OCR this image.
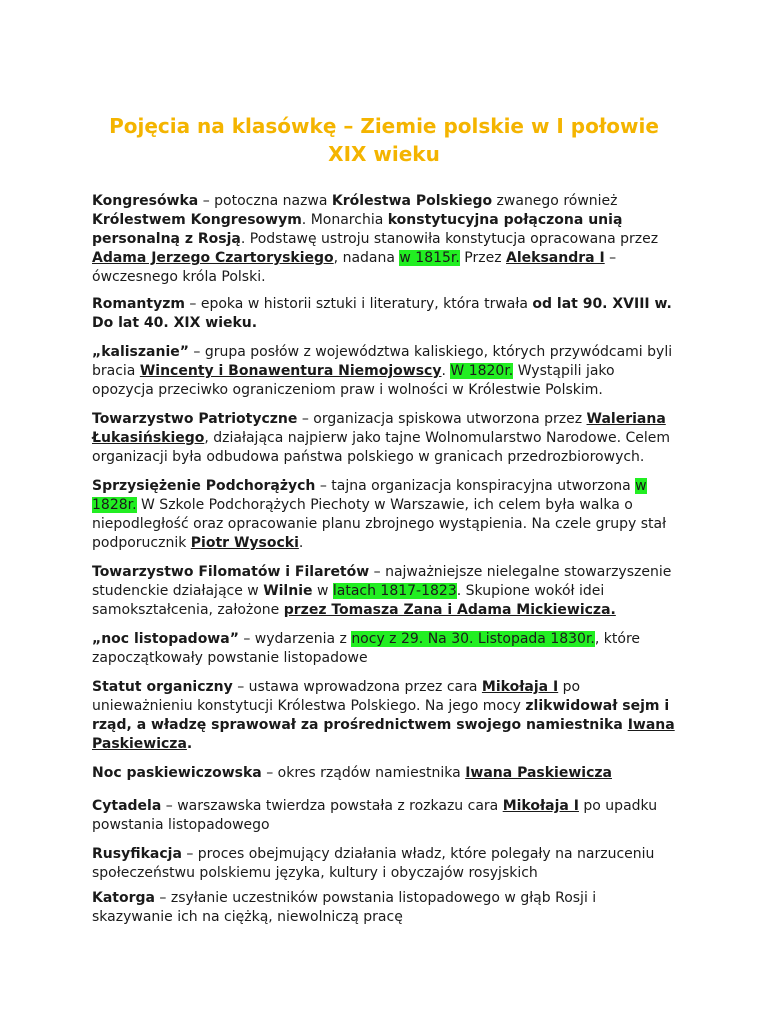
Pojęcia na klasówkę – Ziemie polskie w I połowie XIX wieku

Kongresówka – potoczna nazwa Królestwa Polskiego zwanego również Królestwem Kongresowym. Monarchia konstytucyjna połączona unią personalną z Rosją. Podstawę ustroju stanowiła konstytucja opracowana przez Adama Jerzego Czartoryskiego, nadana w 1815r. Przez Aleksandra I – ówczesnego króla Polski.

Romantyzm – epoka w historii sztuki i literatury, która trwała od lat 90. XVIII w. Do lat 40. XIX wieku.

„kaliszanie” – grupa posłów z województwa kaliskiego, których przywódcami byli bracia Wincenty i Bonawentura Niemojowscy. W 1820r. Wystąpili jako opozycja przeciwko ograniczeniom praw i wolności w Królestwie Polskim.

Towarzystwo Patriotyczne – organizacja spiskowa utworzona przez Waleriana Łukasińskiego, działająca najpierw jako tajne Wolnomularstwo Narodowe. Celem organizacji była odbudowa państwa polskiego w granicach przedrozbiorowych.

Sprzysiężenie Podchorążych – tajna organizacja konspiracyjna utworzona w 1828r. W Szkole Podchorążych Piechoty w Warszawie, ich celem była walka o niepodległość oraz opracowanie planu zbrojnego wystąpienia. Na czele grupy stał podporucznik Piotr Wysocki.

Towarzystwo Filomatów i Filaretów – najważniejsze nielegalne stowarzyszenie studenckie działające w Wilnie w latach 1817-1823. Skupione wokół idei samokształcenia, założone przez Tomasza Zana i Adama Mickiewicza.

„noc listopadowa” – wydarzenia z nocy z 29. Na 30. Listopada 1830r., które zapoczątkowały powstanie listopadowe

Statut organiczny – ustawa wprowadzona przez cara Mikołaja I po unieważnieniu konstytucji Królestwa Polskiego. Na jego mocy zlikwidował sejm i rząd, a władzę sprawował za prośrednictwem swojego namiestnika Iwana Paskiewicza.

Noc paskiewiczowska – okres rządów namiestnika Iwana Paskiewicza

Cytadela – warszawska twierdza powstała z rozkazu cara Mikołaja I po upadku powstania listopadowego

Rusyfikacja – proces obejmujący działania władz, które polegały na narzuceniu społeczeństwu polskiemu języka, kultury i obyczajów rosyjskich

Katorga – zsyłanie uczestników powstania listopadowego w głąb Rosji i skazywanie ich na ciężką, niewolniczą pracę
